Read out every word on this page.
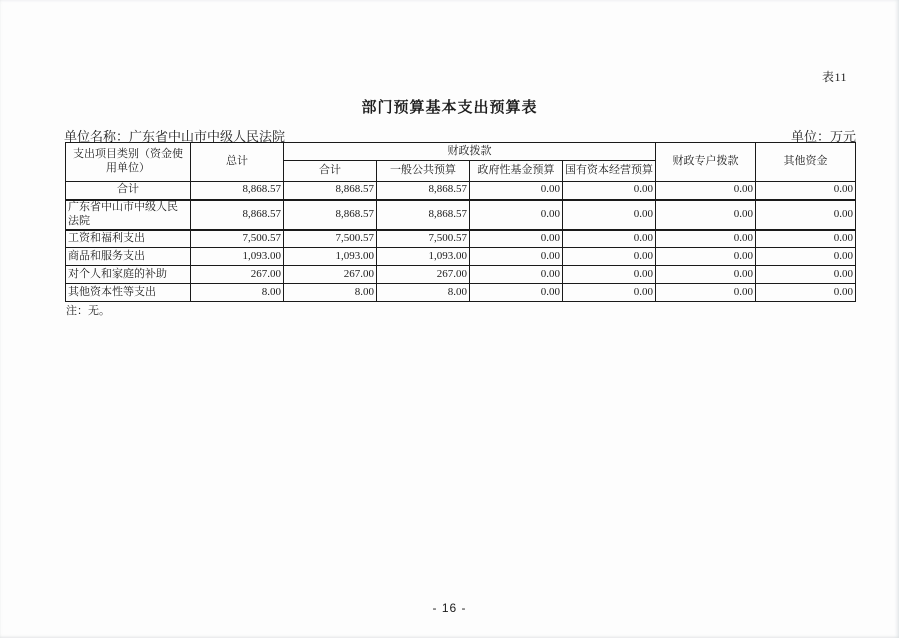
表11
部门预算基本支出预算表
单位名称：广东省中山市中级人民法院	单位：万元
支出项目类别（资金使用单位）	总计	财政拨款				财政专户拨款	其他资金
		合计	一般公共预算	政府性基金预算	国有资本经营预算		
合计	8,868.57	8,868.57	8,868.57	0.00	0.00	0.00	0.00
广东省中山市中级人民法院	8,868.57	8,868.57	8,868.57	0.00	0.00	0.00	0.00
工资和福利支出	7,500.57	7,500.57	7,500.57	0.00	0.00	0.00	0.00
商品和服务支出	1,093.00	1,093.00	1,093.00	0.00	0.00	0.00	0.00
对个人和家庭的补助	267.00	267.00	267.00	0.00	0.00	0.00	0.00
其他资本性等支出	8.00	8.00	8.00	0.00	0.00	0.00	0.00
注：无。
- 16 -
